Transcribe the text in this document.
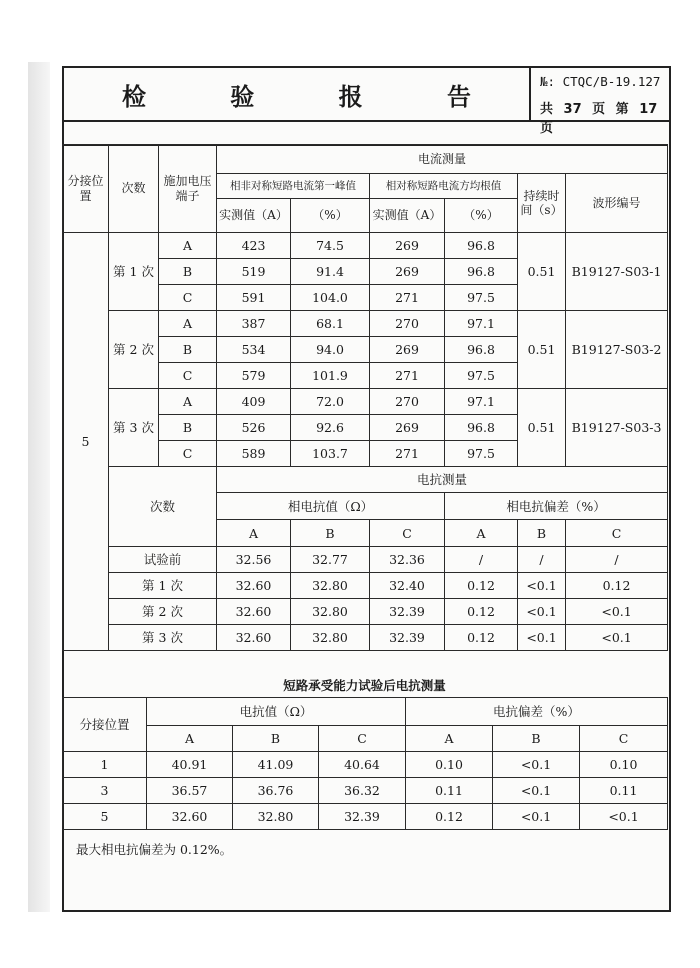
检 验 报 告
№: CTQC/B-19.127
共 37 页 第 17 页
分接位置	次数	施加电压端子	电流测量					
			相非对称短路电流第一峰值		相对称短路电流方均根值		持续时间（s）	波形编号
			实测值（A）	（%）	实测值（A）	（%）		
5	第 1 次	A	423	74.5	269	96.8	0.51	B19127-S03-1
		B	519	91.4	269	96.8		
		C	591	104.0	271	97.5		
	第 2 次	A	387	68.1	270	97.1	0.51	B19127-S03-2
		B	534	94.0	269	96.8		
		C	579	101.9	271	97.5		
	第 3 次	A	409	72.0	270	97.1	0.51	B19127-S03-3
		B	526	92.6	269	96.8		
		C	589	103.7	271	97.5		
	次数		电抗测量					
			相电抗值（Ω）			相电抗偏差（%）		
			A	B	C	A	B	C
	试验前		32.56	32.77	32.36	/	/	/
	第 1 次		32.60	32.80	32.40	0.12	<0.1	0.12
	第 2 次		32.60	32.80	32.39	0.12	<0.1	<0.1
	第 3 次		32.60	32.80	32.39	0.12	<0.1	<0.1
短路承受能力试验后电抗测量
分接位置	电抗值（Ω）			电抗偏差（%）		
	A	B	C	A	B	C
1	40.91	41.09	40.64	0.10	<0.1	0.10
3	36.57	36.76	36.32	0.11	<0.1	0.11
5	32.60	32.80	32.39	0.12	<0.1	<0.1
最大相电抗偏差为 0.12%。
